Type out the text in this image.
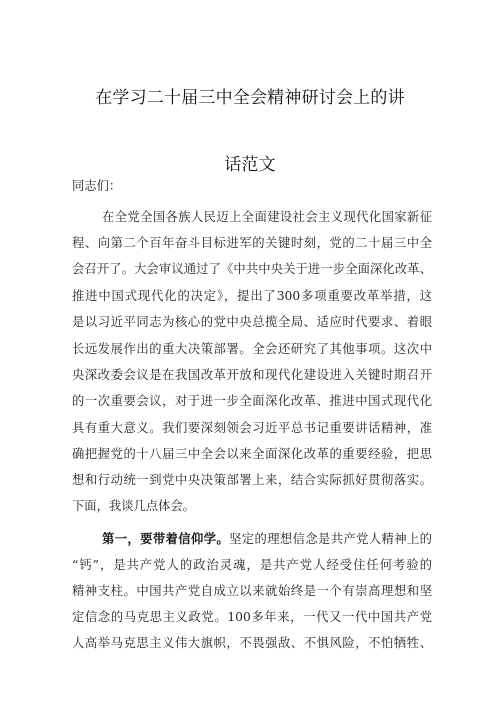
在学习二十届三中全会精神研讨会上的讲
话范文
同志们：
在全党全国各族人民迈上全面建设社会主义现代化国家新征
程、向第二个百年奋斗目标进军的关键时刻，党的二十届三中全
会召开了。大会审议通过了《中共中央关于进一步全面深化改革、
推进中国式现代化的决定》，提出了300多项重要改革举措，这
是以习近平同志为核心的党中央总揽全局、适应时代要求、着眼
长远发展作出的重大决策部署。全会还研究了其他事项。这次中
央深改委会议是在我国改革开放和现代化建设进入关键时期召开
的一次重要会议，对于进一步全面深化改革、推进中国式现代化
具有重大意义。我们要深刻领会习近平总书记重要讲话精神，准
确把握党的十八届三中全会以来全面深化改革的重要经验，把思
想和行动统一到党中央决策部署上来，结合实际抓好贯彻落实。
下面，我谈几点体会。
第一，要带着信仰学。坚定的理想信念是共产党人精神上的
“钙”，是共产党人的政治灵魂，是共产党人经受住任何考验的
精神支柱。中国共产党自成立以来就始终是一个有崇高理想和坚
定信念的马克思主义政党。100多年来，一代又一代中国共产党
人高举马克思主义伟大旗帜，不畏强敌、不惧风险，不怕牺牲、
